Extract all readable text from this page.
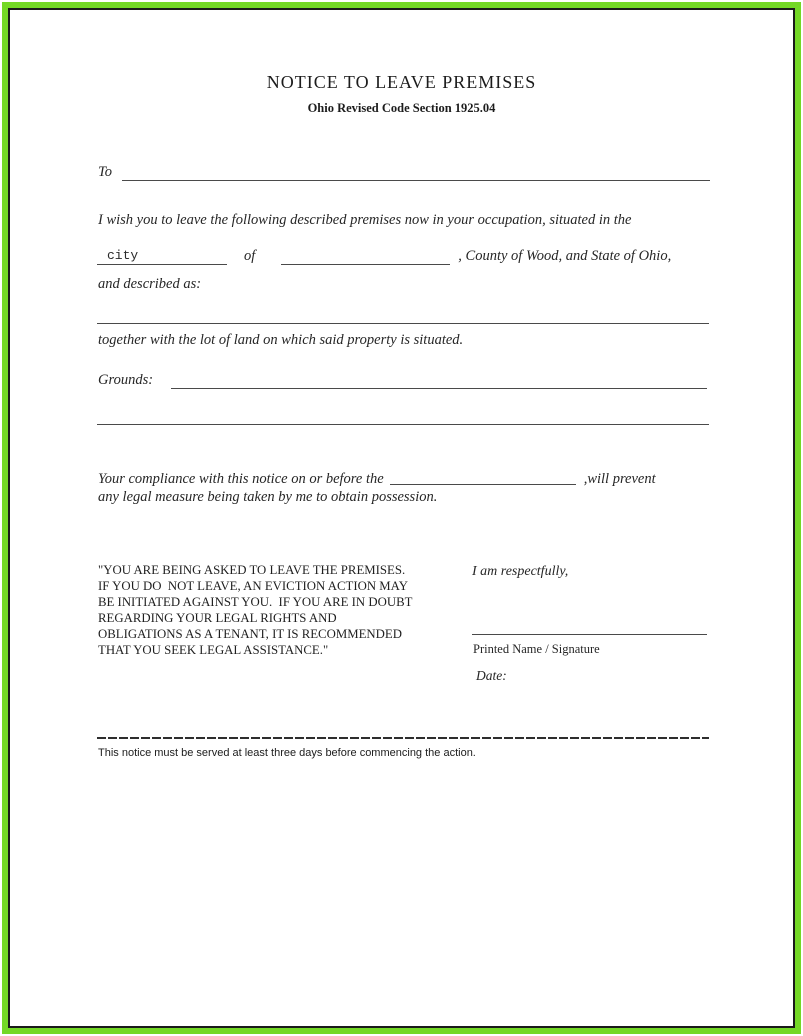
NOTICE TO LEAVE PREMISES
Ohio Revised Code Section 1925.04
To
I wish you to leave the following described premises now in your occupation, situated in the
city	of	, County of Wood, and State of Ohio,
and described as:
together with the lot of land on which said property is situated.
Grounds:
Your compliance with this notice on or before the	,will prevent
any legal measure being taken by me to obtain possession.
"YOU ARE BEING ASKED TO LEAVE THE PREMISES.
IF YOU DO  NOT LEAVE, AN EVICTION ACTION MAY
BE INITIATED AGAINST YOU.  IF YOU ARE IN DOUBT
REGARDING YOUR LEGAL RIGHTS AND
OBLIGATIONS AS A TENANT, IT IS RECOMMENDED
THAT YOU SEEK LEGAL ASSISTANCE."
I am respectfully,
Printed Name / Signature
Date:
This notice must be served at least three days before commencing the action.
